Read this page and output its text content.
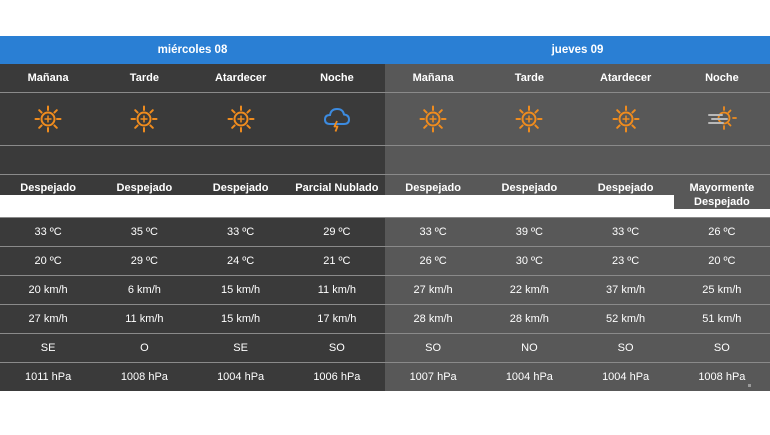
miércoles 08	jueves 09
Mañana	Tarde	Atardecer	Noche	Mañana	Tarde	Atardecer	Noche
Despejado	Despejado	Despejado	Parcial Nublado	Despejado	Despejado	Despejado	Mayormente Despejado
33 ºC	35 ºC	33 ºC	29 ºC	33 ºC	39 ºC	33 ºC	26 ºC
20 ºC	29 ºC	24 ºC	21 ºC	26 ºC	30 ºC	23 ºC	20 ºC
20 km/h	6 km/h	15 km/h	11 km/h	27 km/h	22 km/h	37 km/h	25 km/h
27 km/h	11 km/h	15 km/h	17 km/h	28 km/h	28 km/h	52 km/h	51 km/h
SE	O	SE	SO	SO	NO	SO	SO
1011 hPa	1008 hPa	1004 hPa	1006 hPa	1007 hPa	1004 hPa	1004 hPa	1008 hPa
